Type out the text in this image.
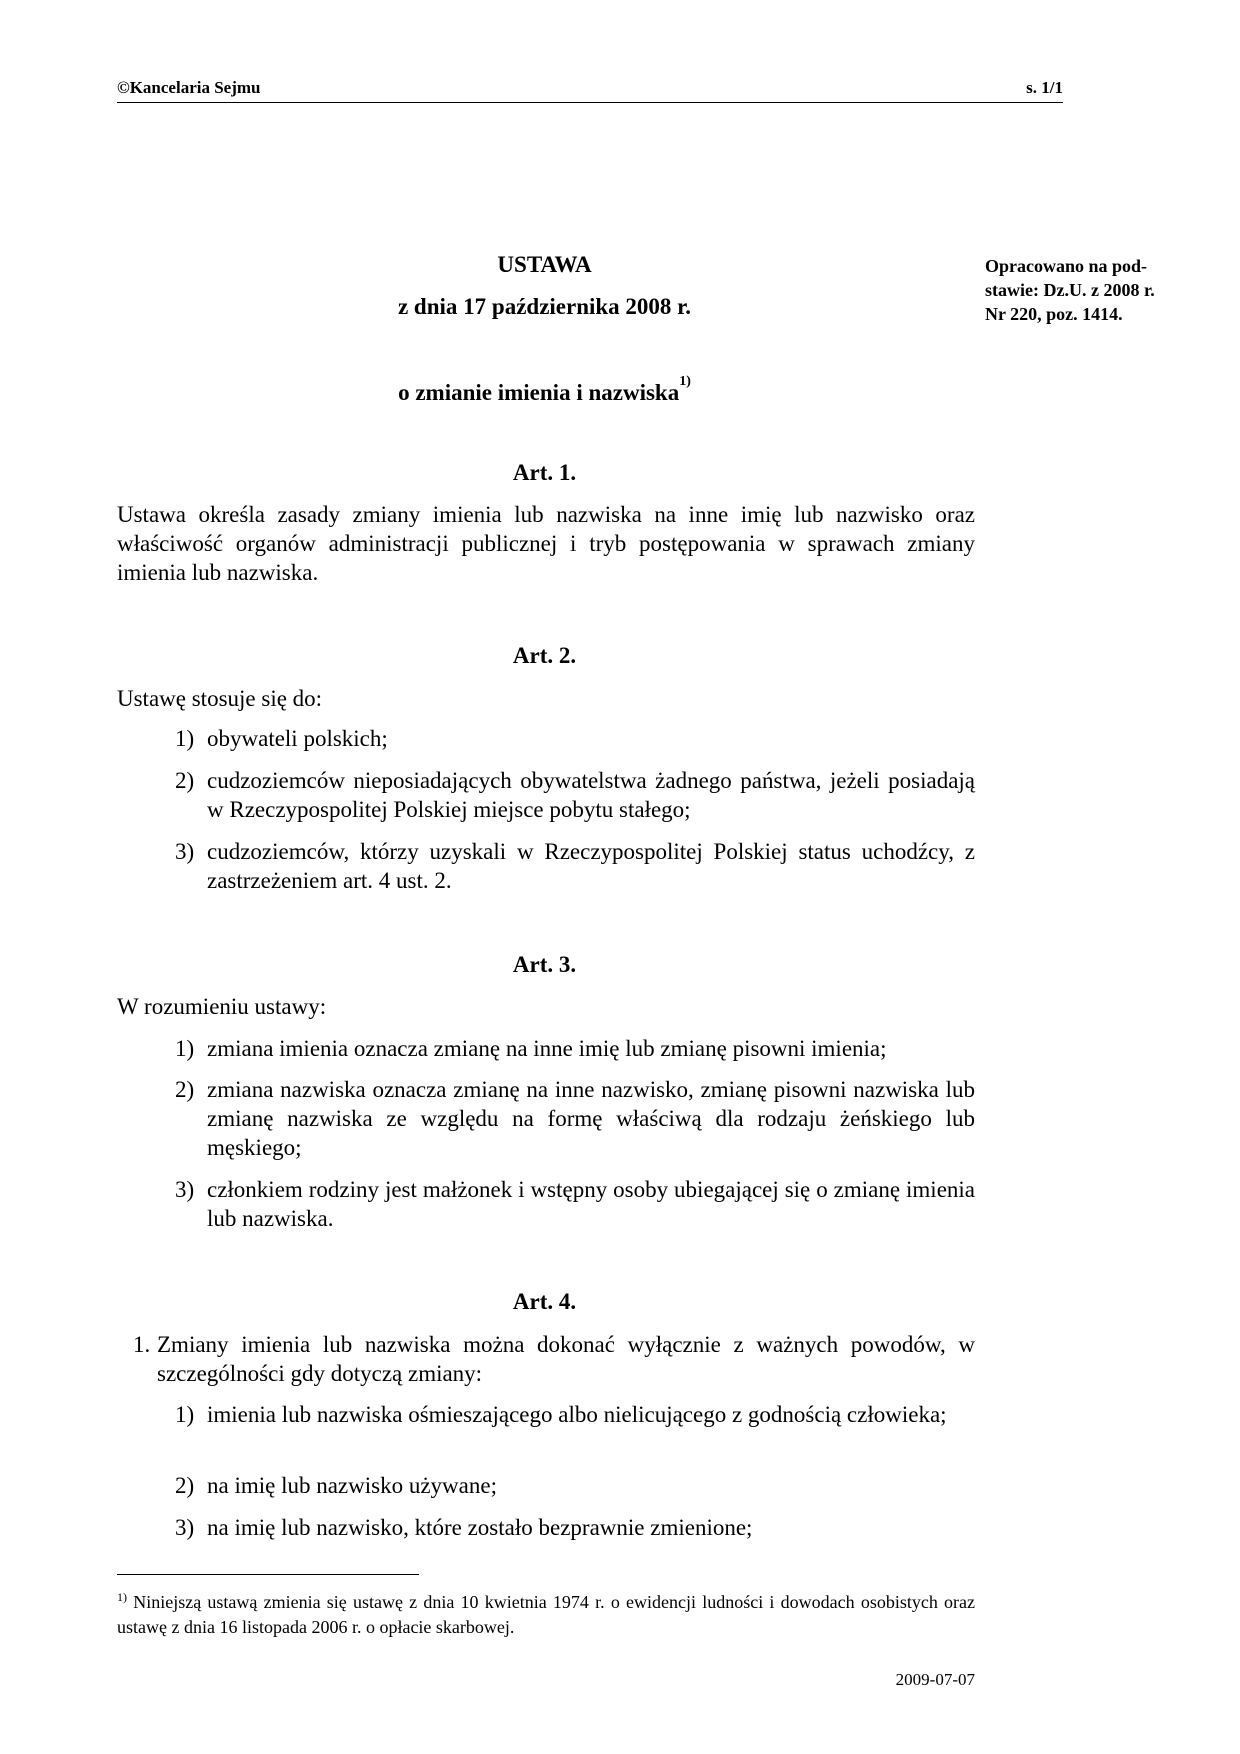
©Kancelaria Sejmu	s. 1/1
USTAWA
z dnia 17 października 2008 r.
o zmianie imienia i nazwiska$^{1)}$
Opracowano na pod-stawie: Dz.U. z 2008 r. Nr 220, poz. 1414.
Art. 1.
Ustawa określa zasady zmiany imienia lub nazwiska na inne imię lub nazwisko oraz właściwość organów administracji publicznej i tryb postępowania w sprawach zmiany imienia lub nazwiska.
Art. 2.
Ustawę stosuje się do:
1) obywateli polskich;
2) cudzoziemców nieposiadających obywatelstwa żadnego państwa, jeżeli posiadają w Rzeczypospolitej Polskiej miejsce pobytu stałego;
3) cudzoziemców, którzy uzyskali w Rzeczypospolitej Polskiej status uchodźcy, z zastrzeżeniem art. 4 ust. 2.
Art. 3.
W rozumieniu ustawy:
1) zmiana imienia oznacza zmianę na inne imię lub zmianę pisowni imienia;
2) zmiana nazwiska oznacza zmianę na inne nazwisko, zmianę pisowni nazwiska lub zmianę nazwiska ze względu na formę właściwą dla rodzaju żeńskiego lub męskiego;
3) członkiem rodziny jest małżonek i wstępny osoby ubiegającej się o zmianę imienia lub nazwiska.
Art. 4.
1. Zmiany imienia lub nazwiska można dokonać wyłącznie z ważnych powodów, w szczególności gdy dotyczą zmiany:
1) imienia lub nazwiska ośmieszającego albo nielicującego z godnością człowieka;
2) na imię lub nazwisko używane;
3) na imię lub nazwisko, które zostało bezprawnie zmienione;
$^{1)}$ Niniejszą ustawą zmienia się ustawę z dnia 10 kwietnia 1974 r. o ewidencji ludności i dowodach osobistych oraz ustawę z dnia 16 listopada 2006 r. o opłacie skarbowej.
2009-07-07
